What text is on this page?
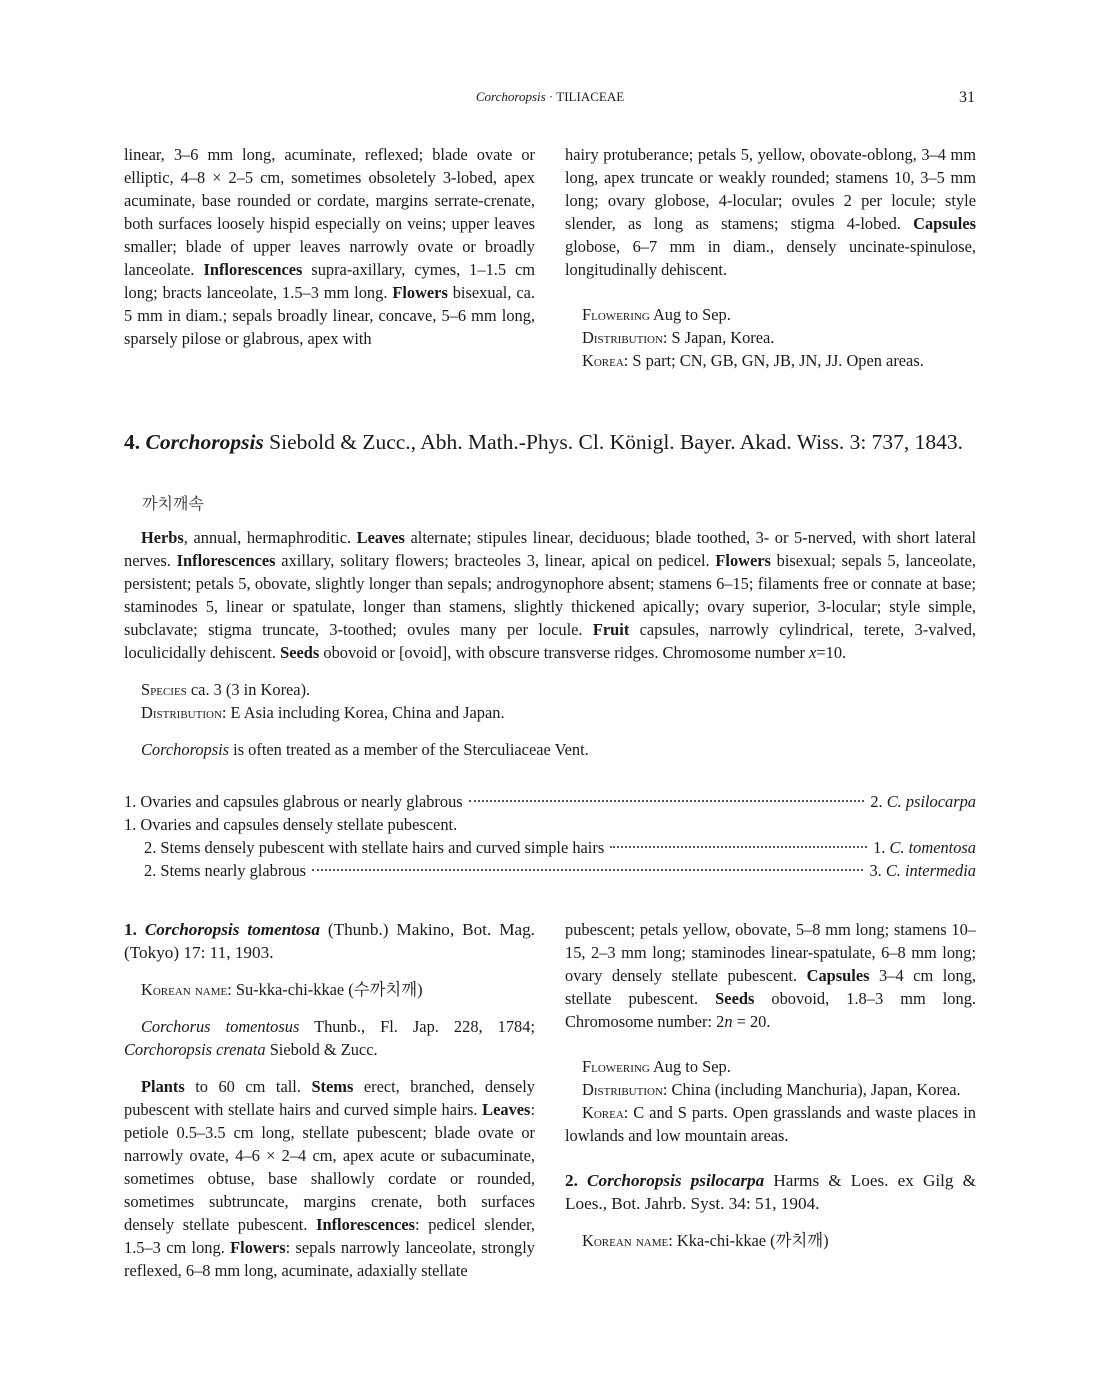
Corchoropsis · TILIACEAE	31

linear, 3–6 mm long, acuminate, reflexed; blade ovate or elliptic, 4–8 × 2–5 cm, sometimes obsoletely 3-lobed, apex acuminate, base rounded or cordate, margins serrate-crenate, both surfaces loosely hispid especially on veins; upper leaves smaller; blade of upper leaves narrowly ovate or broadly lanceolate. Inflorescences supra-axillary, cymes, 1–1.5 cm long; bracts lanceolate, 1.5–3 mm long. Flowers bisexual, ca. 5 mm in diam.; sepals broadly linear, concave, 5–6 mm long, sparsely pilose or glabrous, apex with

hairy protuberance; petals 5, yellow, obovate-oblong, 3–4 mm long, apex truncate or weakly rounded; stamens 10, 3–5 mm long; ovary globose, 4-locular; ovules 2 per locule; style slender, as long as stamens; stigma 4-lobed. Capsules globose, 6–7 mm in diam., densely uncinate-spinulose, longitudinally dehiscent.

Flowering Aug to Sep.

Distribution: S Japan, Korea.

Korea: S part; CN, GB, GN, JB, JN, JJ. Open areas.

4. Corchoropsis Siebold & Zucc., Abh. Math.-Phys. Cl. Königl. Bayer. Akad. Wiss. 3: 737, 1843.
까치깨속

Herbs, annual, hermaphroditic. Leaves alternate; stipules linear, deciduous; blade toothed, 3- or 5-nerved, with short lateral nerves. Inflorescences axillary, solitary flowers; bracteoles 3, linear, apical on pedicel. Flowers bisexual; sepals 5, lanceolate, persistent; petals 5, obovate, slightly longer than sepals; androgynophore absent; stamens 6–15; filaments free or connate at base; staminodes 5, linear or spatulate, longer than stamens, slightly thickened apically; ovary superior, 3-locular; style simple, subclavate; stigma truncate, 3-toothed; ovules many per locule. Fruit capsules, narrowly cylindrical, terete, 3-valved, loculicidally dehiscent. Seeds obovoid or [ovoid], with obscure transverse ridges. Chromosome number x=10.

Species ca. 3 (3 in Korea).

Distribution: E Asia including Korea, China and Japan.

Corchoropsis is often treated as a member of the Sterculiaceae Vent.

1. Ovaries and capsules glabrous or nearly glabrous	2. C. psilocarpa
1. Ovaries and capsules densely stellate pubescent.
2. Stems densely pubescent with stellate hairs and curved simple hairs	1. C. tomentosa
2. Stems nearly glabrous	3. C. intermedia

1. Corchoropsis tomentosa (Thunb.) Makino, Bot. Mag. (Tokyo) 17: 11, 1903.

Korean name: Su-kka-chi-kkae (수까치깨)

Corchorus tomentosus Thunb., Fl. Jap. 228, 1784; Corchoropsis crenata Siebold & Zucc.

Plants to 60 cm tall. Stems erect, branched, densely pubescent with stellate hairs and curved simple hairs. Leaves: petiole 0.5–3.5 cm long, stellate pubescent; blade ovate or narrowly ovate, 4–6 × 2–4 cm, apex acute or subacuminate, sometimes obtuse, base shallowly cordate or rounded, sometimes subtruncate, margins crenate, both surfaces densely stellate pubescent. Inflorescences: pedicel slender, 1.5–3 cm long. Flowers: sepals narrowly lanceolate, strongly reflexed, 6–8 mm long, acuminate, adaxially stellate

pubescent; petals yellow, obovate, 5–8 mm long; stamens 10–15, 2–3 mm long; staminodes linear-spatulate, 6–8 mm long; ovary densely stellate pubescent. Capsules 3–4 cm long, stellate pubescent. Seeds obovoid, 1.8–3 mm long. Chromosome number: 2n = 20.

Flowering Aug to Sep.

Distribution: China (including Manchuria), Japan, Korea.

Korea: C and S parts. Open grasslands and waste places in lowlands and low mountain areas.

2. Corchoropsis psilocarpa Harms & Loes. ex Gilg & Loes., Bot. Jahrb. Syst. 34: 51, 1904.

Korean name: Kka-chi-kkae (까치깨)
